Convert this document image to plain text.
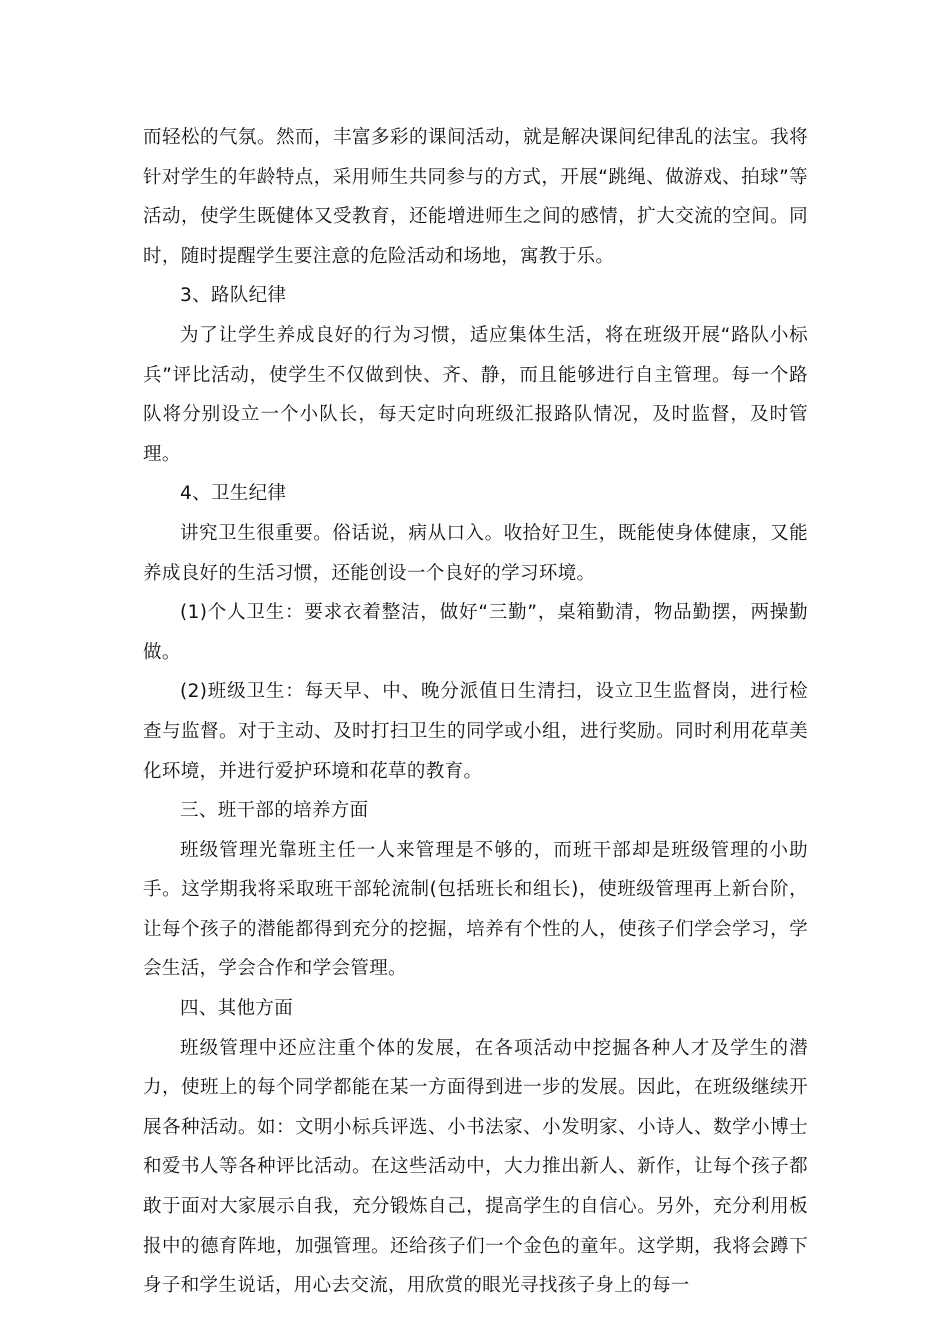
而轻松的气氛。然而，丰富多彩的课间活动，就是解决课间纪律乱的法宝。我将针对学生的年龄特点，采用师生共同参与的方式，开展“跳绳、做游戏、拍球”等活动，使学生既健体又受教育，还能增进师生之间的感情，扩大交流的空间。同时，随时提醒学生要注意的危险活动和场地，寓教于乐。

3、路队纪律

为了让学生养成良好的行为习惯，适应集体生活，将在班级开展“路队小标兵”评比活动，使学生不仅做到快、齐、静，而且能够进行自主管理。每一个路队将分别设立一个小队长，每天定时向班级汇报路队情况，及时监督，及时管理。

4、卫生纪律

讲究卫生很重要。俗话说，病从口入。收拾好卫生，既能使身体健康，又能养成良好的生活习惯，还能创设一个良好的学习环境。

(1)个人卫生：要求衣着整洁，做好“三勤”，桌箱勤清，物品勤摆，两操勤做。

(2)班级卫生：每天早、中、晚分派值日生清扫，设立卫生监督岗，进行检查与监督。对于主动、及时打扫卫生的同学或小组，进行奖励。同时利用花草美化环境，并进行爱护环境和花草的教育。

三、班干部的培养方面

班级管理光靠班主任一人来管理是不够的，而班干部却是班级管理的小助手。这学期我将采取班干部轮流制(包括班长和组长)，使班级管理再上新台阶，让每个孩子的潜能都得到充分的挖掘，培养有个性的人，使孩子们学会学习，学会生活，学会合作和学会管理。

四、其他方面

班级管理中还应注重个体的发展，在各项活动中挖掘各种人才及学生的潜力，使班上的每个同学都能在某一方面得到进一步的发展。因此，在班级继续开展各种活动。如：文明小标兵评选、小书法家、小发明家、小诗人、数学小博士和爱书人等各种评比活动。在这些活动中，大力推出新人、新作，让每个孩子都敢于面对大家展示自我，充分锻炼自己，提高学生的自信心。另外，充分利用板报中的德育阵地，加强管理。还给孩子们一个金色的童年。这学期，我将会蹲下身子和学生说话，用心去交流，用欣赏的眼光寻找孩子身上的每一
